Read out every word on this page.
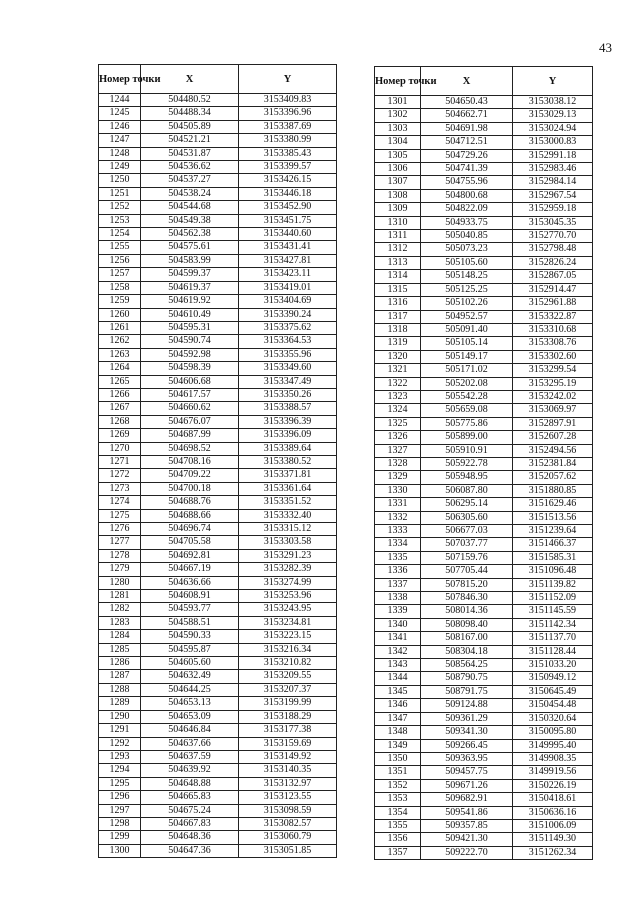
43
Номер точки	X	Y
1244	504480.52	3153409.83
1245	504488.34	3153396.96
1246	504505.89	3153387.69
1247	504521.21	3153380.99
1248	504531.87	3153385.43
1249	504536.62	3153399.57
1250	504537.27	3153426.15
1251	504538.24	3153446.18
1252	504544.68	3153452.90
1253	504549.38	3153451.75
1254	504562.38	3153440.60
1255	504575.61	3153431.41
1256	504583.99	3153427.81
1257	504599.37	3153423.11
1258	504619.37	3153419.01
1259	504619.92	3153404.69
1260	504610.49	3153390.24
1261	504595.31	3153375.62
1262	504590.74	3153364.53
1263	504592.98	3153355.96
1264	504598.39	3153349.60
1265	504606.68	3153347.49
1266	504617.57	3153350.26
1267	504660.62	3153388.57
1268	504676.07	3153396.39
1269	504687.99	3153396.09
1270	504698.52	3153389.64
1271	504708.16	3153380.52
1272	504709.22	3153371.81
1273	504700.18	3153361.64
1274	504688.76	3153351.52
1275	504688.66	3153332.40
1276	504696.74	3153315.12
1277	504705.58	3153303.58
1278	504692.81	3153291.23
1279	504667.19	3153282.39
1280	504636.66	3153274.99
1281	504608.91	3153253.96
1282	504593.77	3153243.95
1283	504588.51	3153234.81
1284	504590.33	3153223.15
1285	504595.87	3153216.34
1286	504605.60	3153210.82
1287	504632.49	3153209.55
1288	504644.25	3153207.37
1289	504653.13	3153199.99
1290	504653.09	3153188.29
1291	504646.84	3153177.38
1292	504637.66	3153159.69
1293	504637.59	3153149.92
1294	504639.92	3153140.35
1295	504648.88	3153132.97
1296	504665.83	3153123.55
1297	504675.24	3153098.59
1298	504667.83	3153082.57
1299	504648.36	3153060.79
1300	504647.36	3153051.85
Номер точки	X	Y
1301	504650.43	3153038.12
1302	504662.71	3153029.13
1303	504691.98	3153024.94
1304	504712.51	3153000.83
1305	504729.26	3152991.18
1306	504741.39	3152983.46
1307	504755.96	3152984.14
1308	504800.68	3152967.54
1309	504822.09	3152959.18
1310	504933.75	3153045.35
1311	505040.85	3152770.70
1312	505073.23	3152798.48
1313	505105.60	3152826.24
1314	505148.25	3152867.05
1315	505125.25	3152914.47
1316	505102.26	3152961.88
1317	504952.57	3153322.87
1318	505091.40	3153310.68
1319	505105.14	3153308.76
1320	505149.17	3153302.60
1321	505171.02	3153299.54
1322	505202.08	3153295.19
1323	505542.28	3153242.02
1324	505659.08	3153069.97
1325	505775.86	3152897.91
1326	505899.00	3152607.28
1327	505910.91	3152494.56
1328	505922.78	3152381.84
1329	505948.95	3152057.62
1330	506087.80	3151880.85
1331	506295.14	3151629.46
1332	506305.60	3151513.56
1333	506677.03	3151239.64
1334	507037.77	3151466.37
1335	507159.76	3151585.31
1336	507705.44	3151096.48
1337	507815.20	3151139.82
1338	507846.30	3151152.09
1339	508014.36	3151145.59
1340	508098.40	3151142.34
1341	508167.00	3151137.70
1342	508304.18	3151128.44
1343	508564.25	3151033.20
1344	508790.75	3150949.12
1345	508791.75	3150645.49
1346	509124.88	3150454.48
1347	509361.29	3150320.64
1348	509341.30	3150095.80
1349	509266.45	3149995.40
1350	509363.95	3149908.35
1351	509457.75	3149919.56
1352	509671.26	3150226.19
1353	509682.91	3150418.61
1354	509541.86	3150636.16
1355	509357.85	3151006.09
1356	509421.30	3151149.30
1357	509222.70	3151262.34
